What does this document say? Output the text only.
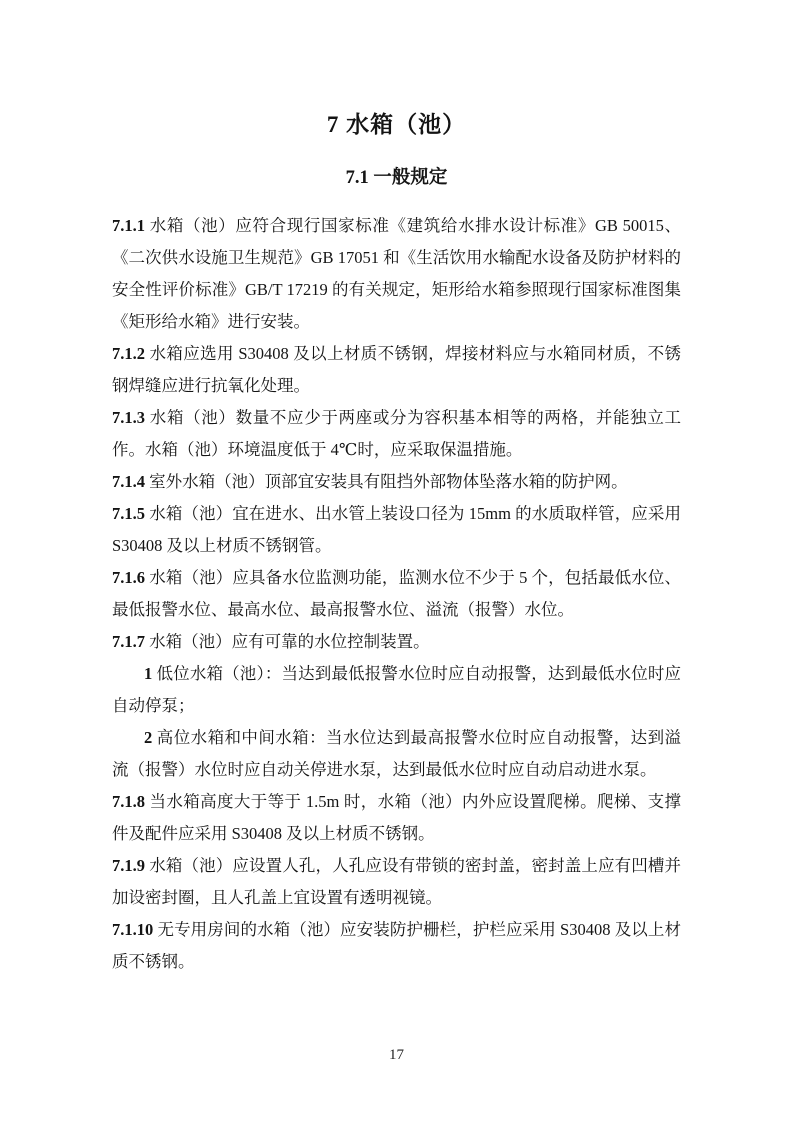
7 水箱（池）
7.1 一般规定

7.1.1 水箱（池）应符合现行国家标准《建筑给水排水设计标准》GB 50015、《二次供水设施卫生规范》GB 17051 和《生活饮用水输配水设备及防护材料的安全性评价标准》GB/T 17219 的有关规定，矩形给水箱参照现行国家标准图集《矩形给水箱》进行安装。

7.1.2 水箱应选用 S30408 及以上材质不锈钢，焊接材料应与水箱同材质，不锈钢焊缝应进行抗氧化处理。

7.1.3 水箱（池）数量不应少于两座或分为容积基本相等的两格，并能独立工作。水箱（池）环境温度低于 4℃时，应采取保温措施。

7.1.4 室外水箱（池）顶部宜安装具有阻挡外部物体坠落水箱的防护网。

7.1.5 水箱（池）宜在进水、出水管上装设口径为 15mm 的水质取样管，应采用 S30408 及以上材质不锈钢管。

7.1.6 水箱（池）应具备水位监测功能，监测水位不少于 5 个，包括最低水位、最低报警水位、最高水位、最高报警水位、溢流（报警）水位。

7.1.7 水箱（池）应有可靠的水位控制装置。

1 低位水箱（池）：当达到最低报警水位时应自动报警，达到最低水位时应自动停泵；

2 高位水箱和中间水箱：当水位达到最高报警水位时应自动报警，达到溢流（报警）水位时应自动关停进水泵，达到最低水位时应自动启动进水泵。

7.1.8 当水箱高度大于等于 1.5m 时，水箱（池）内外应设置爬梯。爬梯、支撑件及配件应采用 S30408 及以上材质不锈钢。

7.1.9 水箱（池）应设置人孔，人孔应设有带锁的密封盖，密封盖上应有凹槽并加设密封圈，且人孔盖上宜设置有透明视镜。

7.1.10 无专用房间的水箱（池）应安装防护栅栏，护栏应采用 S30408 及以上材质不锈钢。

17
